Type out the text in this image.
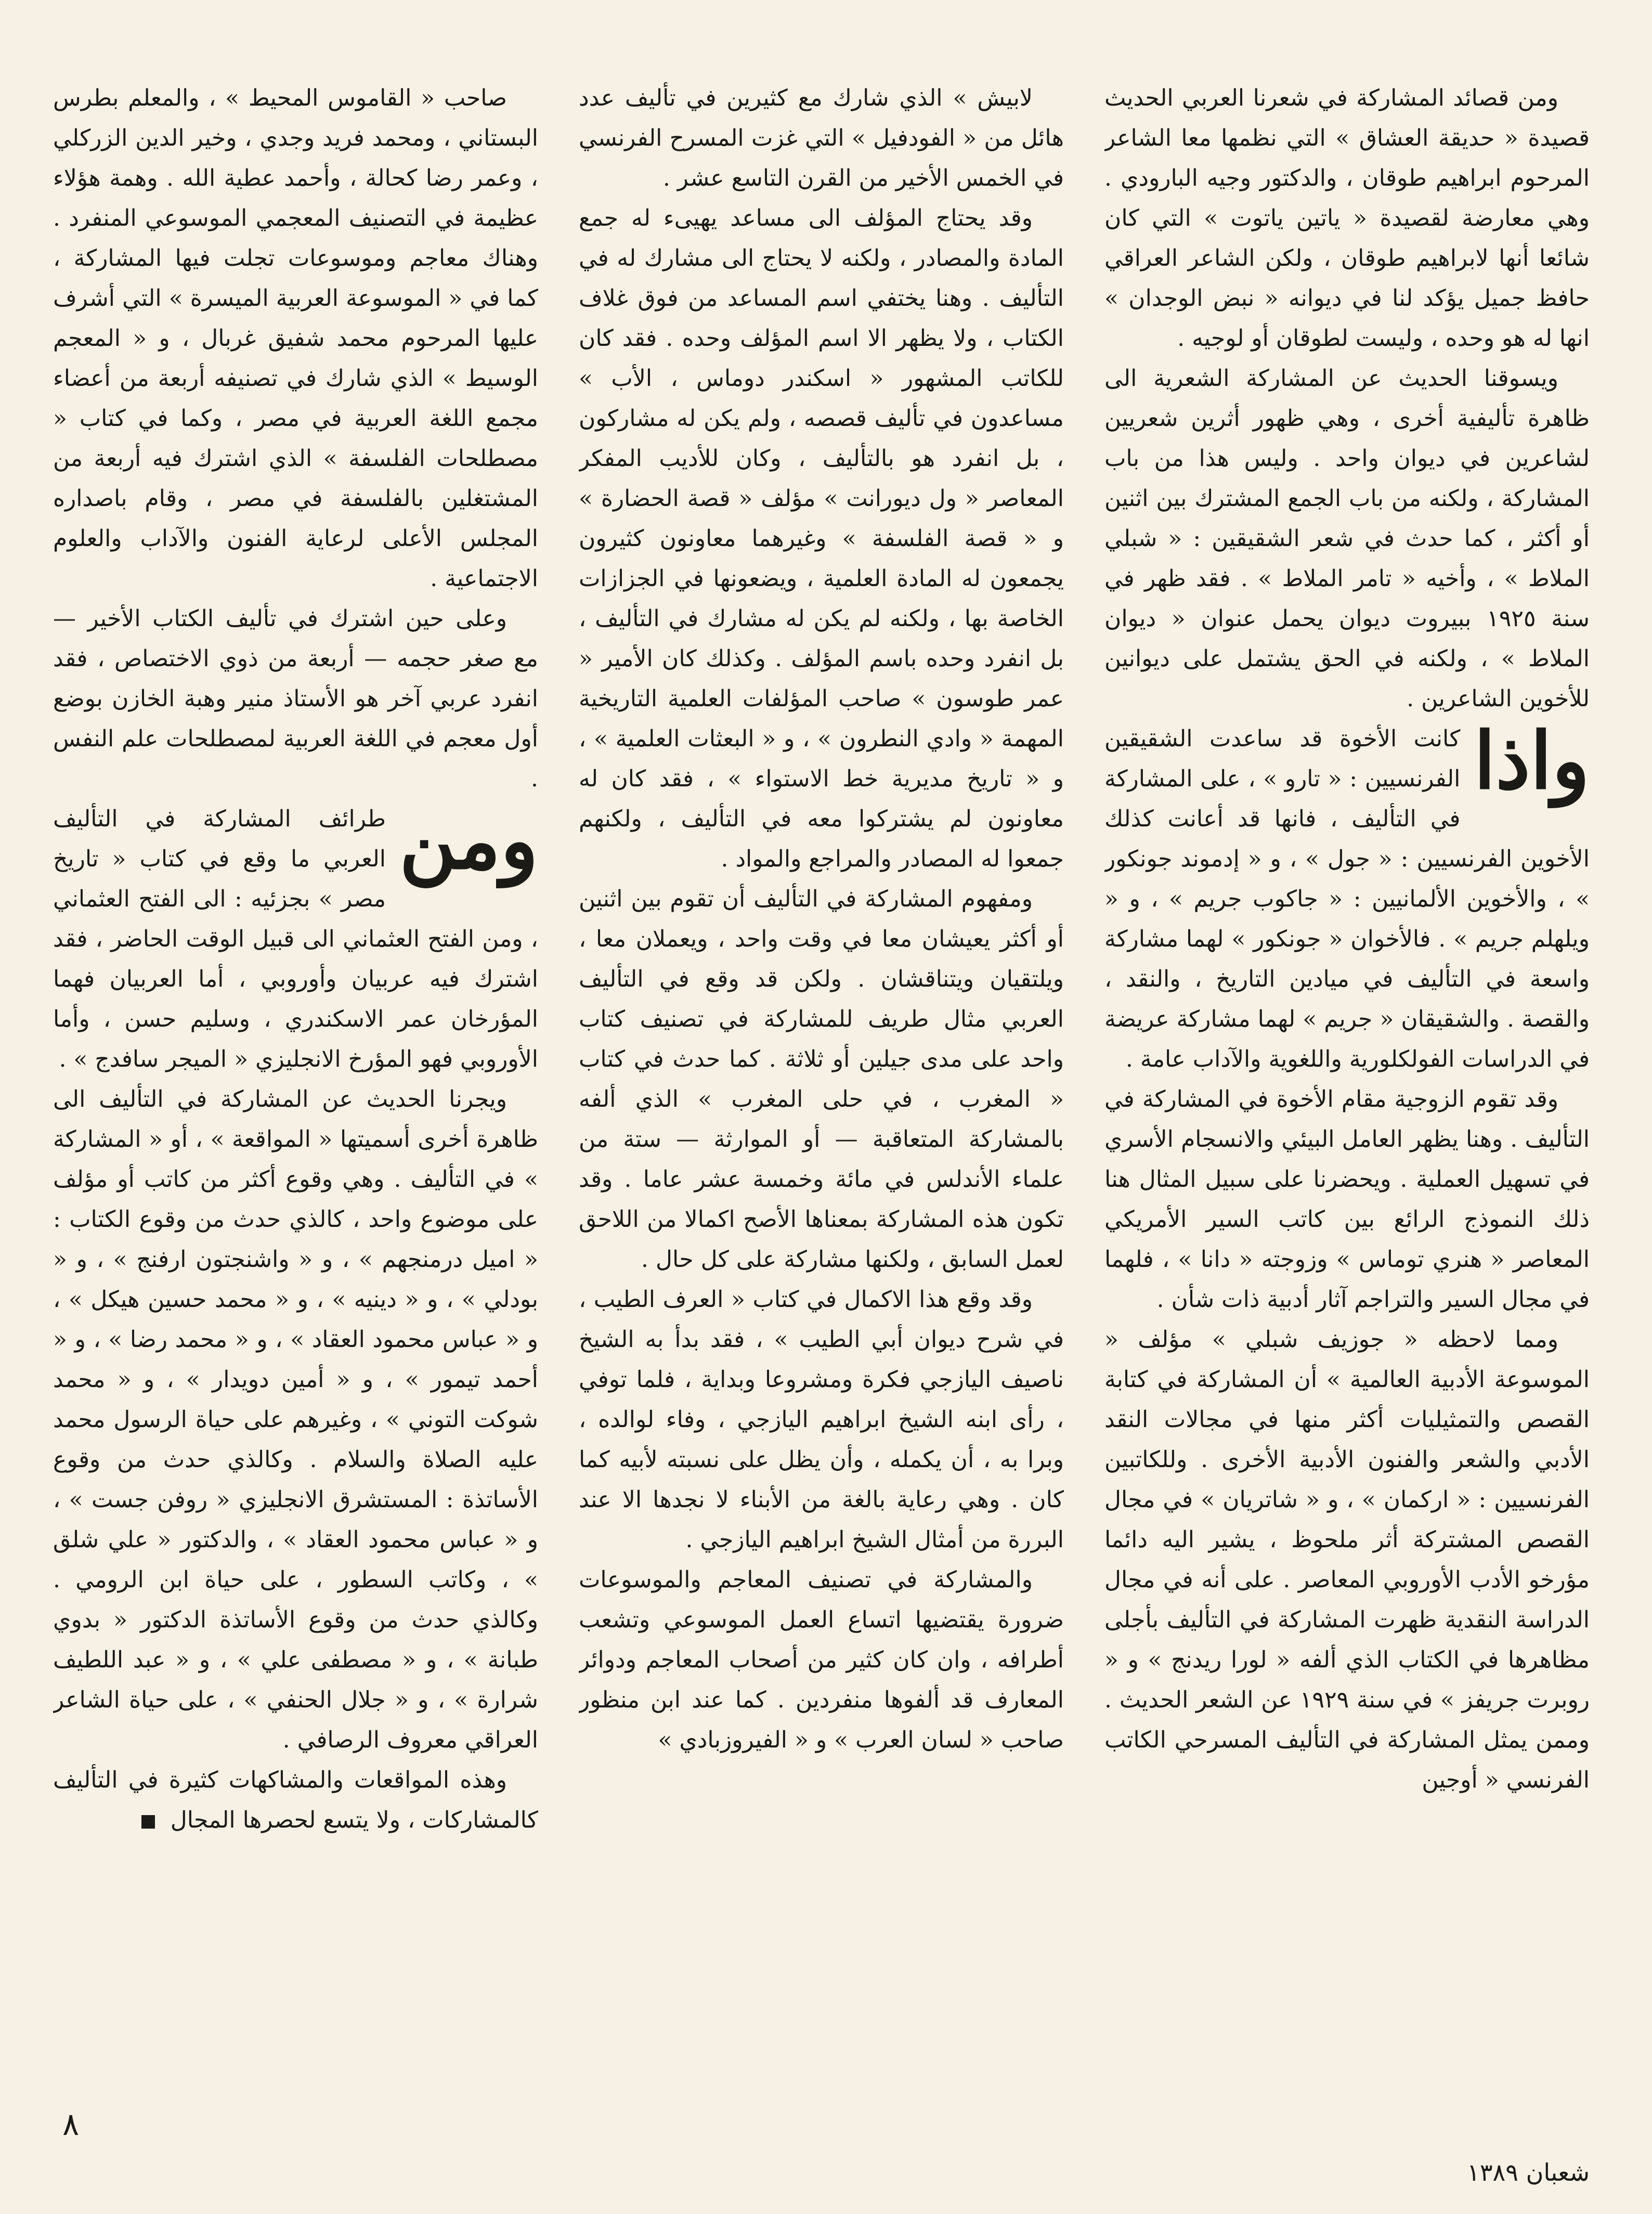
ومن قصائد المشاركة في شعرنا العربي الحديث قصيدة « حديقة العشاق » التي نظمها معا الشاعر المرحوم ابراهيم طوقان ، والدكتور وجيه البارودي . وهي معارضة لقصيدة « ياتين ياتوت » التي كان شائعا أنها لابراهيم طوقان ، ولكن الشاعر العراقي حافظ جميل يؤكد لنا في ديوانه « نبض الوجدان » انها له هو وحده ، وليست لطوقان أو لوجيه .

ويسوقنا الحديث عن المشاركة الشعرية الى ظاهرة تأليفية أخرى ، وهي ظهور أثرين شعريين لشاعرين في ديوان واحد . وليس هذا من باب المشاركة ، ولكنه من باب الجمع المشترك بين اثنين أو أكثر ، كما حدث في شعر الشقيقين : « شبلي الملاط » ، وأخيه « تامر الملاط » . فقد ظهر في سنة ١٩٢٥ ببيروت ديوان يحمل عنوان « ديوان الملاط » ، ولكنه في الحق يشتمل على ديوانين للأخوين الشاعرين .

واذا
كانت الأخوة قد ساعدت الشقيقين الفرنسيين : « تارو » ، على المشاركة في التأليف ، فانها قد أعانت كذلك الأخوين الفرنسيين : « جول » ، و « إدموند جونكور » ، والأخوين الألمانيين : « جاكوب جريم » ، و « ويلهلم جريم » . فالأخوان « جونكور » لهما مشاركة واسعة في التأليف في ميادين التاريخ ، والنقد ، والقصة . والشقيقان « جريم » لهما مشاركة عريضة في الدراسات الفولكلورية واللغوية والآداب عامة .

وقد تقوم الزوجية مقام الأخوة في المشاركة في التأليف . وهنا يظهر العامل البيئي والانسجام الأسري في تسهيل العملية . ويحضرنا على سبيل المثال هنا ذلك النموذج الرائع بين كاتب السير الأمريكي المعاصر « هنري توماس » وزوجته « دانا » ، فلهما في مجال السير والتراجم آثار أدبية ذات شأن .

ومما لاحظه « جوزيف شبلي » مؤلف « الموسوعة الأدبية العالمية » أن المشاركة في كتابة القصص والتمثيليات أكثر منها في مجالات النقد الأدبي والشعر والفنون الأدبية الأخرى . وللكاتبين الفرنسيين : « اركمان » ، و « شاتريان » في مجال القصص المشتركة أثر ملحوظ ، يشير اليه دائما مؤرخو الأدب الأوروبي المعاصر . على أنه في مجال الدراسة النقدية ظهرت المشاركة في التأليف بأجلى مظاهرها في الكتاب الذي ألفه « لورا ريدنج » و « روبرت جريفز » في سنة ١٩٢٩ عن الشعر الحديث . وممن يمثل المشاركة في التأليف المسرحي الكاتب الفرنسي « أوجين

لابيش » الذي شارك مع كثيرين في تأليف عدد هائل من « الفودفيل » التي غزت المسرح الفرنسي في الخمس الأخير من القرن التاسع عشر .

وقد يحتاج المؤلف الى مساعد يهيىء له جمع المادة والمصادر ، ولكنه لا يحتاج الى مشارك له في التأليف . وهنا يختفي اسم المساعد من فوق غلاف الكتاب ، ولا يظهر الا اسم المؤلف وحده . فقد كان للكاتب المشهور « اسكندر دوماس ، الأب » مساعدون في تأليف قصصه ، ولم يكن له مشاركون ، بل انفرد هو بالتأليف ، وكان للأديب المفكر المعاصر « ول ديورانت » مؤلف « قصة الحضارة » و « قصة الفلسفة » وغيرهما معاونون كثيرون يجمعون له المادة العلمية ، ويضعونها في الجزازات الخاصة بها ، ولكنه لم يكن له مشارك في التأليف ، بل انفرد وحده باسم المؤلف . وكذلك كان الأمير « عمر طوسون » صاحب المؤلفات العلمية التاريخية المهمة « وادي النطرون » ، و « البعثات العلمية » ، و « تاريخ مديرية خط الاستواء » ، فقد كان له معاونون لم يشتركوا معه في التأليف ، ولكنهم جمعوا له المصادر والمراجع والمواد .

ومفهوم المشاركة في التأليف أن تقوم بين اثنين أو أكثر يعيشان معا في وقت واحد ، ويعملان معا ، ويلتقيان ويتناقشان . ولكن قد وقع في التأليف العربي مثال طريف للمشاركة في تصنيف كتاب واحد على مدى جيلين أو ثلاثة . كما حدث في كتاب « المغرب ، في حلى المغرب » الذي ألفه بالمشاركة المتعاقبة — أو الموارثة — ستة من علماء الأندلس في مائة وخمسة عشر عاما . وقد تكون هذه المشاركة بمعناها الأصح اكمالا من اللاحق لعمل السابق ، ولكنها مشاركة على كل حال .

وقد وقع هذا الاكمال في كتاب « العرف الطيب ، في شرح ديوان أبي الطيب » ، فقد بدأ به الشيخ ناصيف اليازجي فكرة ومشروعا وبداية ، فلما توفي ، رأى ابنه الشيخ ابراهيم اليازجي ، وفاء لوالده ، وبرا به ، أن يكمله ، وأن يظل على نسبته لأبيه كما كان . وهي رعاية بالغة من الأبناء لا نجدها الا عند البررة من أمثال الشيخ ابراهيم اليازجي .

والمشاركة في تصنيف المعاجم والموسوعات ضرورة يقتضيها اتساع العمل الموسوعي وتشعب أطرافه ، وان كان كثير من أصحاب المعاجم ودوائر المعارف قد ألفوها منفردين . كما عند ابن منظور صاحب « لسان العرب » و « الفيروزبادي »

صاحب « القاموس المحيط » ، والمعلم بطرس البستاني ، ومحمد فريد وجدي ، وخير الدين الزركلي ، وعمر رضا كحالة ، وأحمد عطية الله . وهمة هؤلاء عظيمة في التصنيف المعجمي الموسوعي المنفرد . وهناك معاجم وموسوعات تجلت فيها المشاركة ، كما في « الموسوعة العربية الميسرة » التي أشرف عليها المرحوم محمد شفيق غربال ، و « المعجم الوسيط » الذي شارك في تصنيفه أربعة من أعضاء مجمع اللغة العربية في مصر ، وكما في كتاب « مصطلحات الفلسفة » الذي اشترك فيه أربعة من المشتغلين بالفلسفة في مصر ، وقام باصداره المجلس الأعلى لرعاية الفنون والآداب والعلوم الاجتماعية .

وعلى حين اشترك في تأليف الكتاب الأخير — مع صغر حجمه — أربعة من ذوي الاختصاص ، فقد انفرد عربي آخر هو الأستاذ منير وهبة الخازن بوضع أول معجم في اللغة العربية لمصطلحات علم النفس .

ومن
طرائف المشاركة في التأليف العربي ما وقع في كتاب « تاريخ مصر » بجزئيه : الى الفتح العثماني ، ومن الفتح العثماني الى قبيل الوقت الحاضر ، فقد اشترك فيه عربيان وأوروبي ، أما العربيان فهما المؤرخان عمر الاسكندري ، وسليم حسن ، وأما الأوروبي فهو المؤرخ الانجليزي « الميجر سافدج » .

ويجرنا الحديث عن المشاركة في التأليف الى ظاهرة أخرى أسميتها « المواقعة » ، أو « المشاركة » في التأليف . وهي وقوع أكثر من كاتب أو مؤلف على موضوع واحد ، كالذي حدث من وقوع الكتاب : « اميل درمنجهم » ، و « واشنجتون ارفنج » ، و « بودلي » ، و « دينيه » ، و « محمد حسين هيكل » ، و « عباس محمود العقاد » ، و « محمد رضا » ، و « أحمد تيمور » ، و « أمين دويدار » ، و « محمد شوكت التوني » ، وغيرهم على حياة الرسول محمد عليه الصلاة والسلام . وكالذي حدث من وقوع الأساتذة : المستشرق الانجليزي « روفن جست » ، و « عباس محمود العقاد » ، والدكتور « علي شلق » ، وكاتب السطور ، على حياة ابن الرومي . وكالذي حدث من وقوع الأساتذة الدكتور « بدوي طبانة » ، و « مصطفى علي » ، و « عبد اللطيف شرارة » ، و « جلال الحنفي » ، على حياة الشاعر العراقي معروف الرصافي .

وهذه المواقعات والمشاكهات كثيرة في التأليف كالمشاركات ، ولا يتسع لحصرها المجال

٨
شعبان ١٣٨٩
